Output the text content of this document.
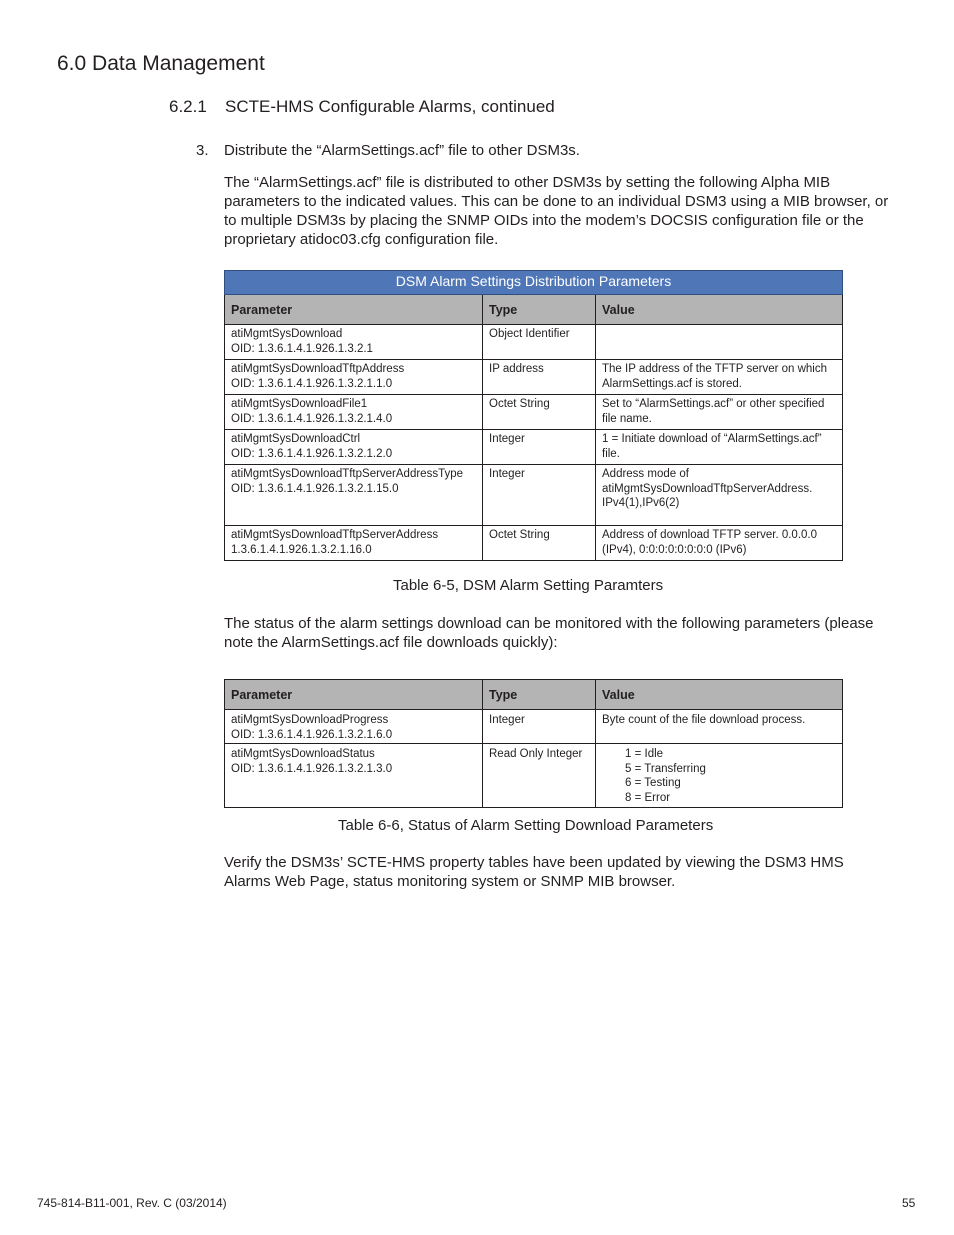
6.0 Data Management
6.2.1 SCTE-HMS Configurable Alarms, continued
3. Distribute the “AlarmSettings.acf” file to other DSM3s.
The “AlarmSettings.acf” file is distributed to other DSM3s by setting the following Alpha MIB parameters to the indicated values. This can be done to an individual DSM3 using a MIB browser, or to multiple DSM3s by placing the SNMP OIDs into the modem’s DOCSIS configuration file or the proprietary atidoc03.cfg configuration file.
DSM Alarm Settings Distribution Parameters		
Parameter	Type	Value
atiMgmtSysDownload
OID: 1.3.6.1.4.1.926.1.3.2.1	Object Identifier	
atiMgmtSysDownloadTftpAddress
OID: 1.3.6.1.4.1.926.1.3.2.1.1.0	IP address	The IP address of the TFTP server on which AlarmSettings.acf is stored.
atiMgmtSysDownloadFile1
OID: 1.3.6.1.4.1.926.1.3.2.1.4.0	Octet String	Set to “AlarmSettings.acf” or other specified file name.
atiMgmtSysDownloadCtrl
OID: 1.3.6.1.4.1.926.1.3.2.1.2.0	Integer	1 = Initiate download of “AlarmSettings.acf” file.
atiMgmtSysDownloadTftpServerAddressType
OID: 1.3.6.1.4.1.926.1.3.2.1.15.0	Integer	Address mode of atiMgmtSysDownloadTftpServerAddress. IPv4(1),IPv6(2)
atiMgmtSysDownloadTftpServerAddress
1.3.6.1.4.1.926.1.3.2.1.16.0	Octet String	Address of download TFTP server. 0.0.0.0 (IPv4), 0:0:0:0:0:0:0:0 (IPv6)
Table 6-5, DSM Alarm Setting Paramters
The status of the alarm settings download can be monitored with the following parameters (please note the AlarmSettings.acf file downloads quickly):
Parameter	Type	Value
atiMgmtSysDownloadProgress
OID: 1.3.6.1.4.1.926.1.3.2.1.6.0	Integer	Byte count of the file download process.
atiMgmtSysDownloadStatus
OID: 1.3.6.1.4.1.926.1.3.2.1.3.0	Read Only Integer	1 = Idle
5 = Transferring
6 = Testing
8 = Error
Table 6-6, Status of Alarm Setting Download Parameters
Verify the DSM3s’ SCTE-HMS property tables have been updated by viewing the DSM3 HMS Alarms Web Page, status monitoring system or SNMP MIB browser.
745-814-B11-001, Rev. C (03/2014)	55
